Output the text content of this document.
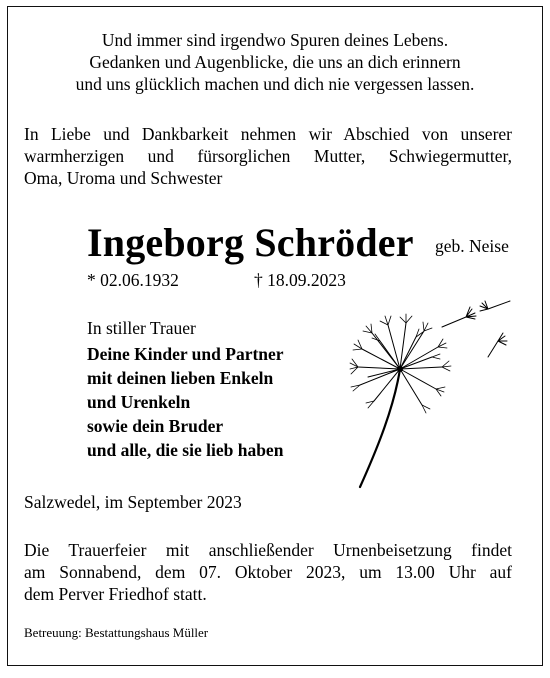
Und immer sind irgendwo Spuren deines Lebens.
Gedanken und Augenblicke, die uns an dich erinnern
und uns glücklich machen und dich nie vergessen lassen.
In Liebe und Dankbarkeit nehmen wir Abschied von unserer
warmherzigen und fürsorglichen Mutter, Schwiegermutter,
Oma, Uroma und Schwester
Ingeborg Schröder geb. Neise
* 02.06.1932	† 18.09.2023
In stiller Trauer
Deine Kinder und Partner
mit deinen lieben Enkeln
und Urenkeln
sowie dein Bruder
und alle, die sie lieb haben
Salzwedel, im September 2023
Die Trauerfeier mit anschließender Urnenbeisetzung findet
am Sonnabend, dem 07. Oktober 2023, um 13.00 Uhr auf
dem Perver Friedhof statt.
Betreuung: Bestattungshaus Müller
